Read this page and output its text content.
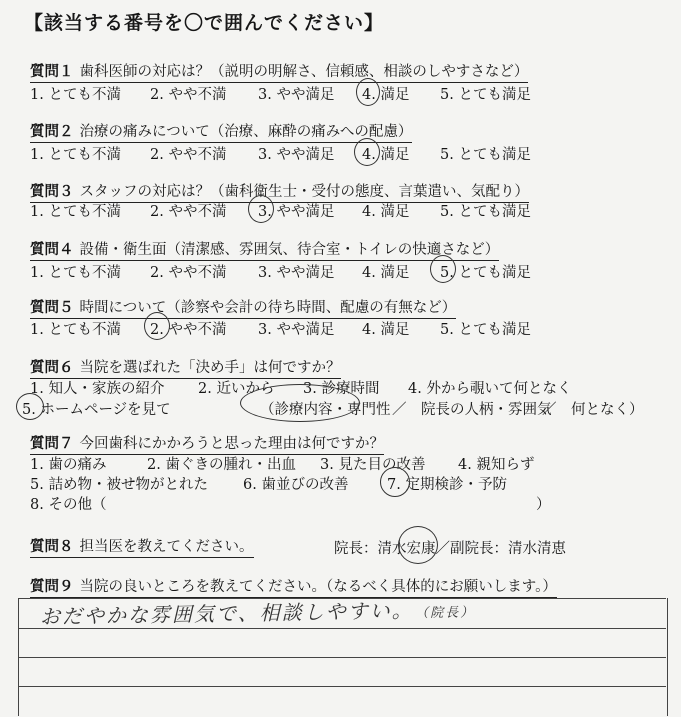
【該当する番号を〇で囲んでください】
質問１ 歯科医師の対応は？（説明の明解さ、信頼感、相談のしやすさなど）
1. とても不満 2. やや不満 3. やや満足 4. 満足 5. とても満足
質問２ 治療の痛みについて（治療、麻酔の痛みへの配慮）
1. とても不満 2. やや不満 3. やや満足 4. 満足 5. とても満足
質問３ スタッフの対応は？（歯科衛生士・受付の態度、言葉遣い、気配り）
1. とても不満 2. やや不満 3. やや満足 4. 満足 5. とても満足
質問４ 設備・衛生面（清潔感、雰囲気、待合室・トイレの快適さなど）
1. とても不満 2. やや不満 3. やや満足 4. 満足 5. とても満足
質問５ 時間について（診察や会計の待ち時間、配慮の有無など）
1. とても不満 2. やや不満 3. やや満足 4. 満足 5. とても満足
質問６ 当院を選ばれた「決め手」は何ですか？
1. 知人・家族の紹介 2. 近いから 3. 診療時間 4. 外から覗いて何となく
5. ホームページを見て	（診療内容・専門性 ／　院長の人柄・雰囲気
／　何となく）
質問７ 今回歯科にかかろうと思った理由は何ですか？
1. 歯の痛み	2. 歯ぐきの腫れ・出血 3. 見た目の改善 4. 親知らず
5. 詰め物・被せ物がとれた 6. 歯並びの改善	7. 定期検診・予防
8. その他（	）
質問８ 担当医を教えてください。	院長：清水宏康／副院長：清水清恵
質問９ 当院の良いところを教えてください。（なるべく具体的にお願いします。）
おだやかな雰囲気で、相談しやすい。 （院長）
